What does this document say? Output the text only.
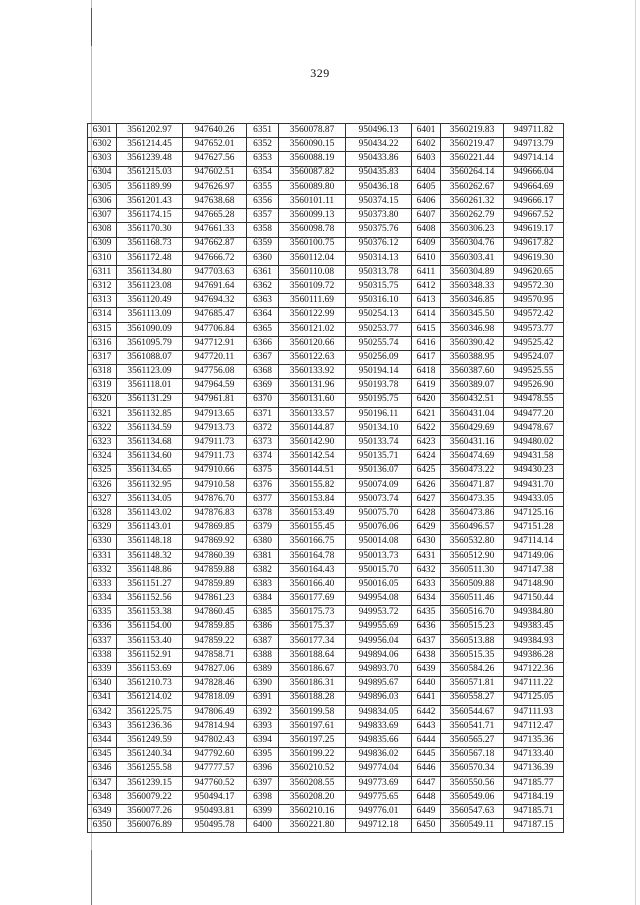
329
6301	3561202.97	947640.26	6351	3560078.87	950496.13	6401	3560219.83	949711.82
6302	3561214.45	947652.01	6352	3560090.15	950434.22	6402	3560219.47	949713.79
6303	3561239.48	947627.56	6353	3560088.19	950433.86	6403	3560221.44	949714.14
6304	3561215.03	947602.51	6354	3560087.82	950435.83	6404	3560264.14	949666.04
6305	3561189.99	947626.97	6355	3560089.80	950436.18	6405	3560262.67	949664.69
6306	3561201.43	947638.68	6356	3560101.11	950374.15	6406	3560261.32	949666.17
6307	3561174.15	947665.28	6357	3560099.13	950373.80	6407	3560262.79	949667.52
6308	3561170.30	947661.33	6358	3560098.78	950375.76	6408	3560306.23	949619.17
6309	3561168.73	947662.87	6359	3560100.75	950376.12	6409	3560304.76	949617.82
6310	3561172.48	947666.72	6360	3560112.04	950314.13	6410	3560303.41	949619.30
6311	3561134.80	947703.63	6361	3560110.08	950313.78	6411	3560304.89	949620.65
6312	3561123.08	947691.64	6362	3560109.72	950315.75	6412	3560348.33	949572.30
6313	3561120.49	947694.32	6363	3560111.69	950316.10	6413	3560346.85	949570.95
6314	3561113.09	947685.47	6364	3560122.99	950254.13	6414	3560345.50	949572.42
6315	3561090.09	947706.84	6365	3560121.02	950253.77	6415	3560346.98	949573.77
6316	3561095.79	947712.91	6366	3560120.66	950255.74	6416	3560390.42	949525.42
6317	3561088.07	947720.11	6367	3560122.63	950256.09	6417	3560388.95	949524.07
6318	3561123.09	947756.08	6368	3560133.92	950194.14	6418	3560387.60	949525.55
6319	3561118.01	947964.59	6369	3560131.96	950193.78	6419	3560389.07	949526.90
6320	3561131.29	947961.81	6370	3560131.60	950195.75	6420	3560432.51	949478.55
6321	3561132.85	947913.65	6371	3560133.57	950196.11	6421	3560431.04	949477.20
6322	3561134.59	947913.73	6372	3560144.87	950134.10	6422	3560429.69	949478.67
6323	3561134.68	947911.73	6373	3560142.90	950133.74	6423	3560431.16	949480.02
6324	3561134.60	947911.73	6374	3560142.54	950135.71	6424	3560474.69	949431.58
6325	3561134.65	947910.66	6375	3560144.51	950136.07	6425	3560473.22	949430.23
6326	3561132.95	947910.58	6376	3560155.82	950074.09	6426	3560471.87	949431.70
6327	3561134.05	947876.70	6377	3560153.84	950073.74	6427	3560473.35	949433.05
6328	3561143.02	947876.83	6378	3560153.49	950075.70	6428	3560473.86	947125.16
6329	3561143.01	947869.85	6379	3560155.45	950076.06	6429	3560496.57	947151.28
6330	3561148.18	947869.92	6380	3560166.75	950014.08	6430	3560532.80	947114.14
6331	3561148.32	947860.39	6381	3560164.78	950013.73	6431	3560512.90	947149.06
6332	3561148.86	947859.88	6382	3560164.43	950015.70	6432	3560511.30	947147.38
6333	3561151.27	947859.89	6383	3560166.40	950016.05	6433	3560509.88	947148.90
6334	3561152.56	947861.23	6384	3560177.69	949954.08	6434	3560511.46	947150.44
6335	3561153.38	947860.45	6385	3560175.73	949953.72	6435	3560516.70	949384.80
6336	3561154.00	947859.85	6386	3560175.37	949955.69	6436	3560515.23	949383.45
6337	3561153.40	947859.22	6387	3560177.34	949956.04	6437	3560513.88	949384.93
6338	3561152.91	947858.71	6388	3560188.64	949894.06	6438	3560515.35	949386.28
6339	3561153.69	947827.06	6389	3560186.67	949893.70	6439	3560584.26	947122.36
6340	3561210.73	947828.46	6390	3560186.31	949895.67	6440	3560571.81	947111.22
6341	3561214.02	947818.09	6391	3560188.28	949896.03	6441	3560558.27	947125.05
6342	3561225.75	947806.49	6392	3560199.58	949834.05	6442	3560544.67	947111.93
6343	3561236.36	947814.94	6393	3560197.61	949833.69	6443	3560541.71	947112.47
6344	3561249.59	947802.43	6394	3560197.25	949835.66	6444	3560565.27	947135.36
6345	3561240.34	947792.60	6395	3560199.22	949836.02	6445	3560567.18	947133.40
6346	3561255.58	947777.57	6396	3560210.52	949774.04	6446	3560570.34	947136.39
6347	3561239.15	947760.52	6397	3560208.55	949773.69	6447	3560550.56	947185.77
6348	3560079.22	950494.17	6398	3560208.20	949775.65	6448	3560549.06	947184.19
6349	3560077.26	950493.81	6399	3560210.16	949776.01	6449	3560547.63	947185.71
6350	3560076.89	950495.78	6400	3560221.80	949712.18	6450	3560549.11	947187.15
